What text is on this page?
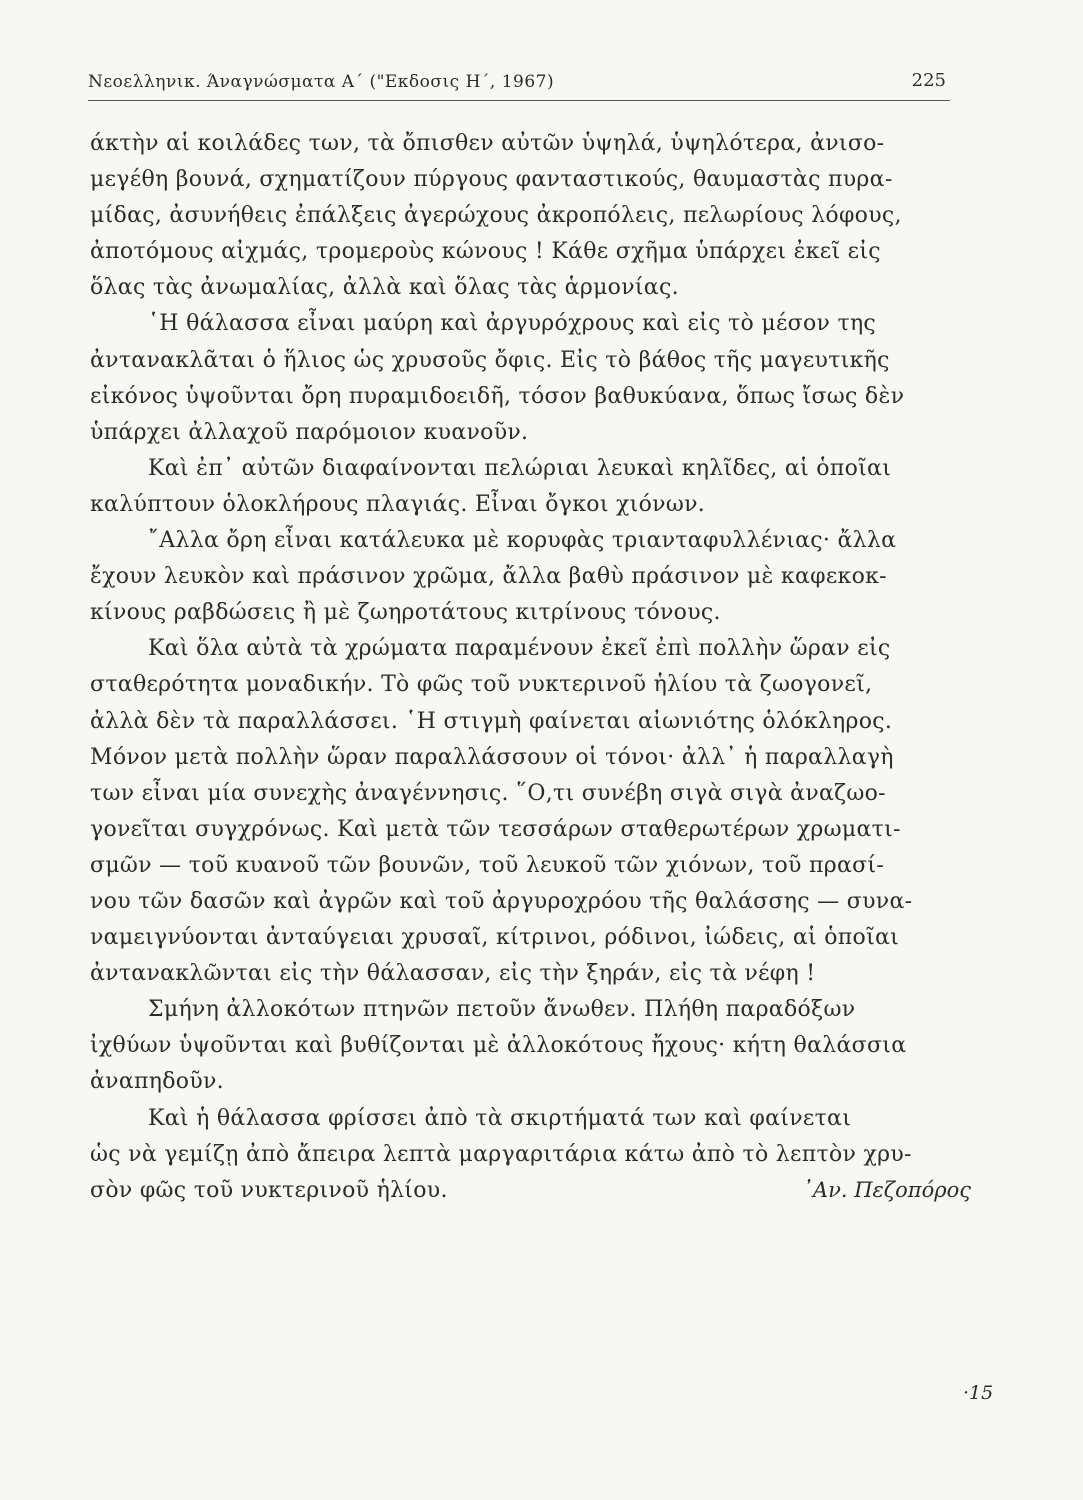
Νεοελληνικ. Άναγνώσματα Α΄ ("Εκδοσις Η΄, 1967)	225
άκτὴν αἱ κοιλάδες των, τὰ ὄπισθεν αὐτῶν ὑψηλά, ὑψηλότερα, ἀνισο-
μεγέθη βουνά, σχηματίζουν πύργους φανταστικούς, θαυμαστὰς πυρα-
μίδας, ἀσυνήθεις ἐπάλξεις ἀγερώχους ἀκροπόλεις, πελωρίους λόφους,
ἀποτόμους αἰχμάς, τρομεροὺς κώνους ! Κάθε σχῆμα ὑπάρχει ἐκεῖ εἰς
ὅλας τὰς ἀνωμαλίας, ἀλλὰ καὶ ὅλας τὰς ἁρμονίας.
῾Η θάλασσα εἶναι μαύρη καὶ ἀργυρόχρους καὶ εἰς τὸ μέσον της
ἀντανακλᾶται ὁ ἥλιος ὡς χρυσοῦς ὄφις. Εἰς τὸ βάθος τῆς μαγευτικῆς
εἰκόνος ὑψοῦνται ὄρη πυραμιδοειδῆ, τόσον βαθυκύανα, ὅπως ἴσως δὲν
ὑπάρχει ἀλλαχοῦ παρόμοιον κυανοῦν.
Καὶ ἐπ᾿ αὐτῶν διαφαίνονται πελώριαι λευκαὶ κηλῖδες, αἱ ὁποῖαι
καλύπτουν ὁλοκλήρους πλαγιάς. Εἶναι ὄγκοι χιόνων.
῎Αλλα ὄρη εἶναι κατάλευκα μὲ κορυφὰς τριανταφυλλένιας· ἄλλα
ἔχουν λευκὸν καὶ πράσινον χρῶμα, ἄλλα βαθὺ πράσινον μὲ καφεκοκ-
κίνους ραβδώσεις ἢ μὲ ζωηροτάτους κιτρίνους τόνους.
Καὶ ὅλα αὐτὰ τὰ χρώματα παραμένουν ἐκεῖ ἐπὶ πολλὴν ὥραν εἰς
σταθερότητα μοναδικήν. Τὸ φῶς τοῦ νυκτερινοῦ ἡλίου τὰ ζωογονεῖ,
ἀλλὰ δὲν τὰ παραλλάσσει. ῾Η στιγμὴ φαίνεται αἰωνιότης ὁλόκληρος.
Μόνον μετὰ πολλὴν ὥραν παραλλάσσουν οἱ τόνοι· ἀλλ᾿ ἡ παραλλαγὴ
των εἶναι μία συνεχὴς ἀναγέννησις. ῞Ο,τι συνέβη σιγὰ σιγὰ ἀναζωο-
γονεῖται συγχρόνως. Καὶ μετὰ τῶν τεσσάρων σταθερωτέρων χρωματι-
σμῶν — τοῦ κυανοῦ τῶν βουνῶν, τοῦ λευκοῦ τῶν χιόνων, τοῦ πρασί-
νου τῶν δασῶν καὶ ἀγρῶν καὶ τοῦ ἀργυροχρόου τῆς θαλάσσης — συνα-
ναμειγνύονται ἀνταύγειαι χρυσαῖ, κίτρινοι, ρόδινοι, ἰώδεις, αἱ ὁποῖαι
ἀντανακλῶνται εἰς τὴν θάλασσαν, εἰς τὴν ξηράν, εἰς τὰ νέφη !
Σμήνη ἀλλοκότων πτηνῶν πετοῦν ἄνωθεν. Πλήθη παραδόξων
ἰχθύων ὑψοῦνται καὶ βυθίζονται μὲ ἀλλοκότους ἤχους· κήτη θαλάσσια
ἀναπηδοῦν.
Καὶ ἡ θάλασσα φρίσσει ἀπὸ τὰ σκιρτήματά των καὶ φαίνεται
ὡς νὰ γεμίζῃ ἀπὸ ἄπειρα λεπτὰ μαργαριτάρια κάτω ἀπὸ τὸ λεπτὸν χρυ-
σὸν φῶς τοῦ νυκτερινοῦ ἡλίου.	᾿Αν. Πεζοπόρος
·15
